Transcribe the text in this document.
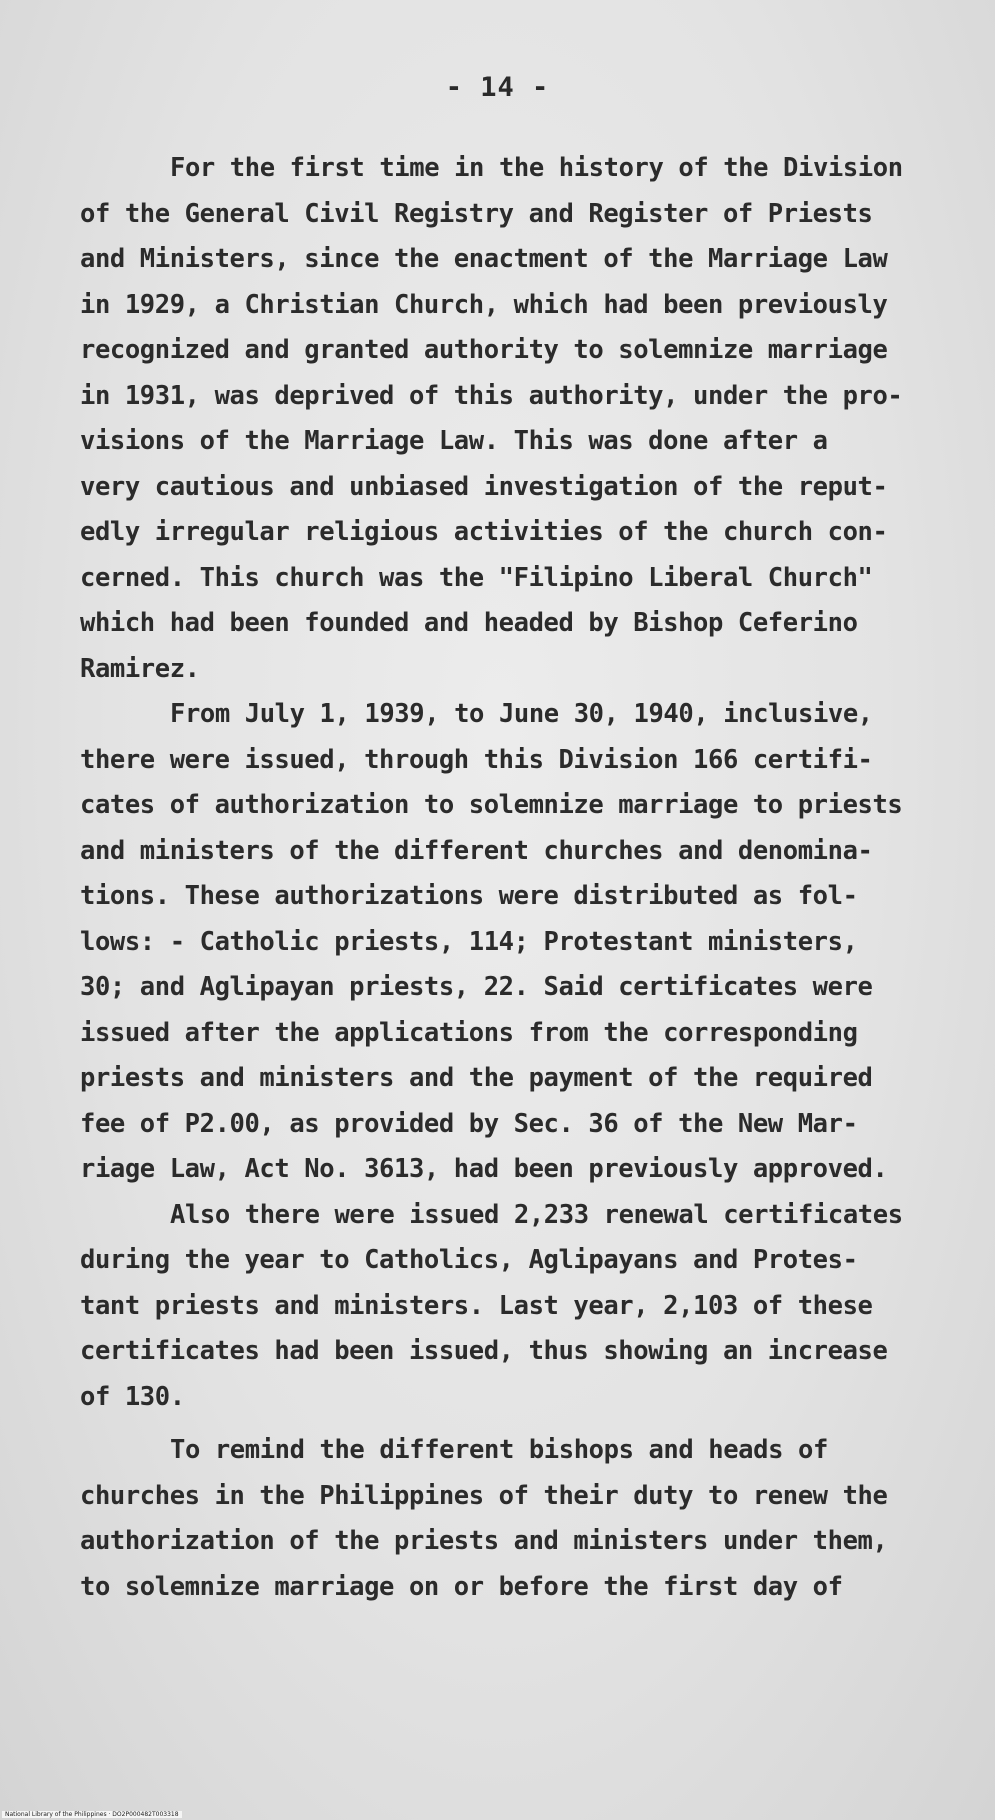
- 14 -
For the first time in the history of the Division
of the General Civil Registry and Register of Priests
and Ministers, since the enactment of the Marriage Law
in 1929, a Christian Church, which had been previously
recognized and granted authority to solemnize marriage
in 1931, was deprived of this authority, under the pro-
visions of the Marriage Law. This was done after a
very cautious and unbiased investigation of the reput-
edly irregular religious activities of the church con-
cerned. This church was the "Filipino Liberal Church"
which had been founded and headed by Bishop Ceferino
Ramirez.
From July 1, 1939, to June 30, 1940, inclusive,
there were issued, through this Division 166 certifi-
cates of authorization to solemnize marriage to priests
and ministers of the different churches and denomina-
tions. These authorizations were distributed as fol-
lows: - Catholic priests, 114; Protestant ministers,
30; and Aglipayan priests, 22. Said certificates were
issued after the applications from the corresponding
priests and ministers and the payment of the required
fee of P2.00, as provided by Sec. 36 of the New Mar-
riage Law, Act No. 3613, had been previously approved.
Also there were issued 2,233 renewal certificates
during the year to Catholics, Aglipayans and Protes-
tant priests and ministers. Last year, 2,103 of these
certificates had been issued, thus showing an increase
of 130.
To remind the different bishops and heads of
churches in the Philippines of their duty to renew the
authorization of the priests and ministers under them,
to solemnize marriage on or before the first day of
National Library of the Philippines · DO2P000482T003318
